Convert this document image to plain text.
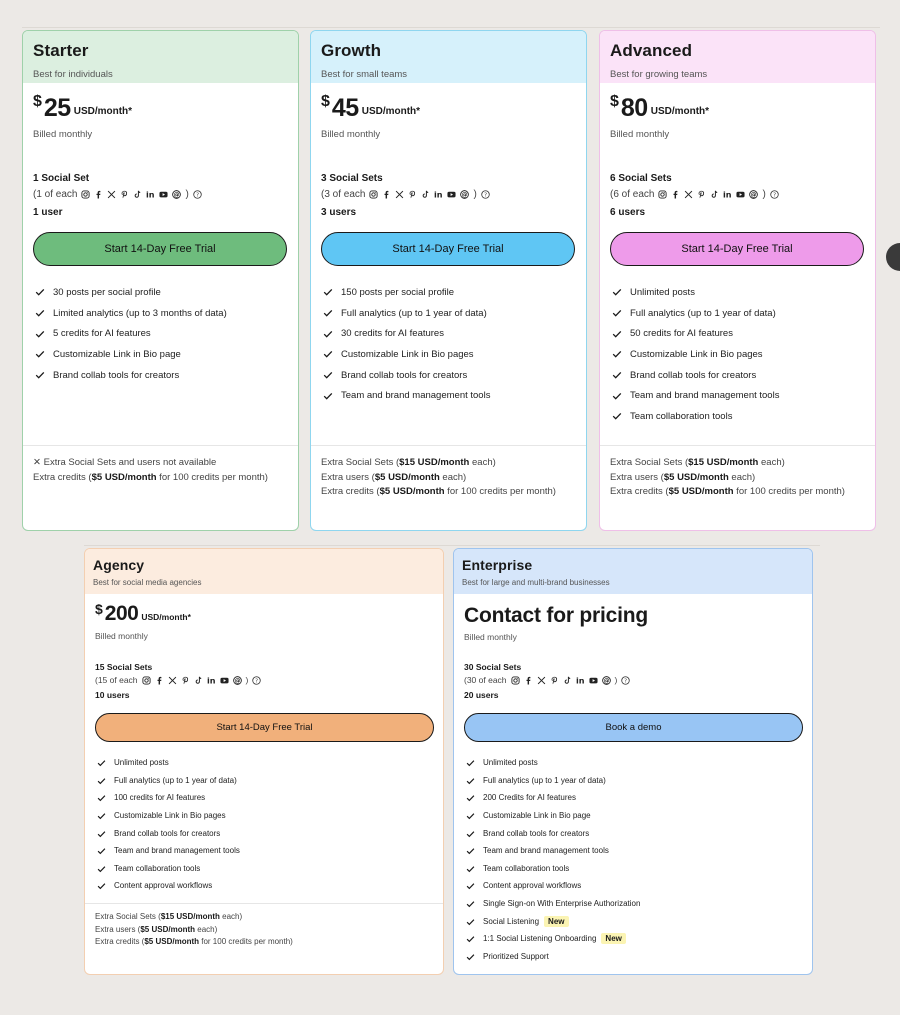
Starter
Best for individuals
$ 25 USD/month*
Billed monthly
1 Social Set
(1 of each	in	@ ) ?
1 user
Start 14-Day Free Trial
30 posts per social profile
Limited analytics (up to 3 months of data)
5 credits for AI features
Customizable Link in Bio page
Brand collab tools for creators
✕ Extra Social Sets and users not available
Extra credits ($5 USD/month for 100 credits per month)
Growth
Best for small teams
$ 45 USD/month*
Billed monthly
3 Social Sets
(3 of each	in	@ ) ?
3 users
Start 14-Day Free Trial
150 posts per social profile
Full analytics (up to 1 year of data)
30 credits for AI features
Customizable Link in Bio pages
Brand collab tools for creators
Team and brand management tools
Extra Social Sets ($15 USD/month each)
Extra users ($5 USD/month each)
Extra credits ($5 USD/month for 100 credits per month)
Advanced
Best for growing teams
$ 80 USD/month*
Billed monthly
6 Social Sets
(6 of each	in	@ ) ?
6 users
Start 14-Day Free Trial
Unlimited posts
Full analytics (up to 1 year of data)
50 credits for AI features
Customizable Link in Bio pages
Brand collab tools for creators
Team and brand management tools
Team collaboration tools
Extra Social Sets ($15 USD/month each)
Extra users ($5 USD/month each)
Extra credits ($5 USD/month for 100 credits per month)
Agency
Best for social media agencies
$ 200 USD/month*
Billed monthly
15 Social Sets
(15 of each	in	@ ) ?
10 users
Start 14-Day Free Trial
Unlimited posts
Full analytics (up to 1 year of data)
100 credits for AI features
Customizable Link in Bio pages
Brand collab tools for creators
Team and brand management tools
Team collaboration tools
Content approval workflows
Extra Social Sets ($15 USD/month each)
Extra users ($5 USD/month each)
Extra credits ($5 USD/month for 100 credits per month)
Enterprise
Best for large and multi-brand businesses
Contact for pricing
Billed monthly
30 Social Sets
(30 of each	in	@ ) ?
20 users
Book a demo
Unlimited posts
Full analytics (up to 1 year of data)
200 Credits for AI features
Customizable Link in Bio page
Brand collab tools for creators
Team and brand management tools
Team collaboration tools
Content approval workflows
Single Sign-on With Enterprise Authorization
Social Listening	New
1:1 Social Listening Onboarding	New
Prioritized Support
